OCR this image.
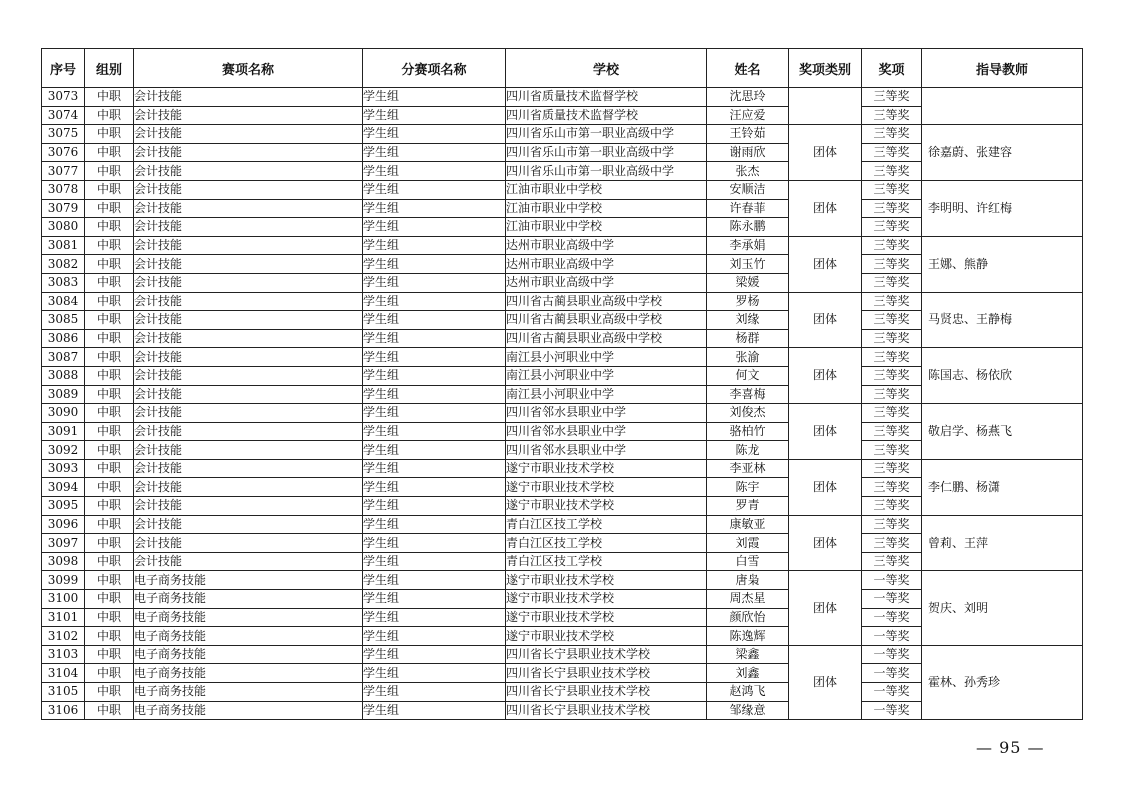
序号	组别	赛项名称	分赛项名称	学校	姓名	奖项类别	奖项	指导教师
3073	中职	会计技能	学生组	四川省质量技术监督学校	沈思玲		三等奖	
3074	中职	会计技能	学生组	四川省质量技术监督学校	汪应爱		三等奖	
3075	中职	会计技能	学生组	四川省乐山市第一职业高级中学	王铃茹	团体	三等奖	徐嘉蔚、张建容
3076	中职	会计技能	学生组	四川省乐山市第一职业高级中学	谢雨欣		三等奖	
3077	中职	会计技能	学生组	四川省乐山市第一职业高级中学	张杰		三等奖	
3078	中职	会计技能	学生组	江油市职业中学校	安顺洁	团体	三等奖	李明明、许红梅
3079	中职	会计技能	学生组	江油市职业中学校	许春菲		三等奖	
3080	中职	会计技能	学生组	江油市职业中学校	陈永鹏		三等奖	
3081	中职	会计技能	学生组	达州市职业高级中学	李承娟	团体	三等奖	王娜、熊静
3082	中职	会计技能	学生组	达州市职业高级中学	刘玉竹		三等奖	
3083	中职	会计技能	学生组	达州市职业高级中学	梁媛		三等奖	
3084	中职	会计技能	学生组	四川省古蔺县职业高级中学校	罗杨	团体	三等奖	马贤忠、王静梅
3085	中职	会计技能	学生组	四川省古蔺县职业高级中学校	刘缘		三等奖	
3086	中职	会计技能	学生组	四川省古蔺县职业高级中学校	杨群		三等奖	
3087	中职	会计技能	学生组	南江县小河职业中学	张渝	团体	三等奖	陈国志、杨依欣
3088	中职	会计技能	学生组	南江县小河职业中学	何文		三等奖	
3089	中职	会计技能	学生组	南江县小河职业中学	李喜梅		三等奖	
3090	中职	会计技能	学生组	四川省邻水县职业中学	刘俊杰	团体	三等奖	敬启学、杨燕飞
3091	中职	会计技能	学生组	四川省邻水县职业中学	骆柏竹		三等奖	
3092	中职	会计技能	学生组	四川省邻水县职业中学	陈龙		三等奖	
3093	中职	会计技能	学生组	遂宁市职业技术学校	李亚林	团体	三等奖	李仁鹏、杨潇
3094	中职	会计技能	学生组	遂宁市职业技术学校	陈宇		三等奖	
3095	中职	会计技能	学生组	遂宁市职业技术学校	罗青		三等奖	
3096	中职	会计技能	学生组	青白江区技工学校	康敏亚	团体	三等奖	曾莉、王萍
3097	中职	会计技能	学生组	青白江区技工学校	刘霞		三等奖	
3098	中职	会计技能	学生组	青白江区技工学校	白雪		三等奖	
3099	中职	电子商务技能	学生组	遂宁市职业技术学校	唐枭	团体	一等奖	贺庆、刘明
3100	中职	电子商务技能	学生组	遂宁市职业技术学校	周杰星		一等奖	
3101	中职	电子商务技能	学生组	遂宁市职业技术学校	颜欣怡		一等奖	
3102	中职	电子商务技能	学生组	遂宁市职业技术学校	陈逸辉		一等奖	
3103	中职	电子商务技能	学生组	四川省长宁县职业技术学校	梁鑫	团体	一等奖	霍林、孙秀珍
3104	中职	电子商务技能	学生组	四川省长宁县职业技术学校	刘鑫		一等奖	
3105	中职	电子商务技能	学生组	四川省长宁县职业技术学校	赵鸿飞		一等奖	
3106	中职	电子商务技能	学生组	四川省长宁县职业技术学校	邹缘意		一等奖	
— 95 —
